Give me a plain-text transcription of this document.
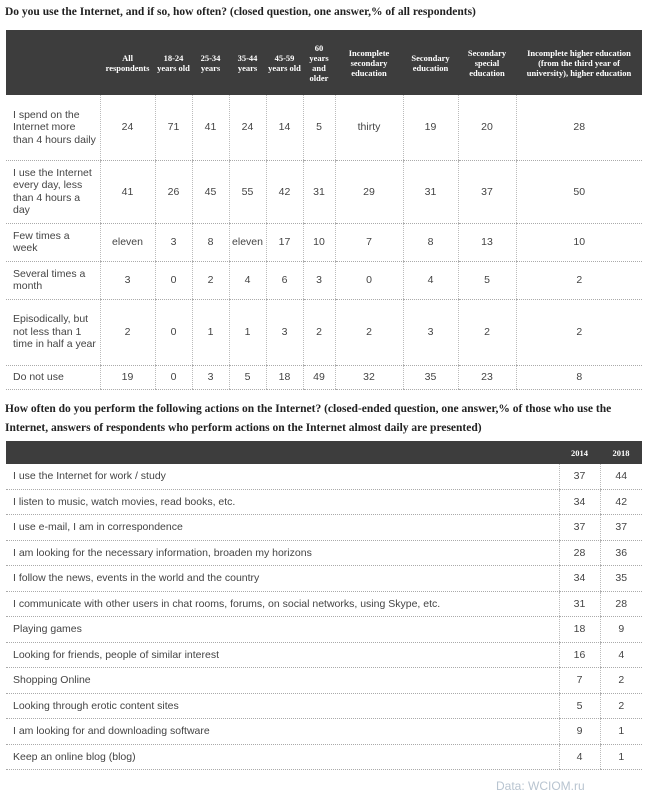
Do you use the Internet, and if so, how often? (closed question, one answer,% of all respondents)
	All respondents	18-24 years old	25-34 years	35-44 years	45-59 years old	60 years and older	Incomplete secondary education	Secondary education	Secondary special education	Incomplete higher education (from the third year of university), higher education
I spend on the Internet more than 4 hours daily	24	71	41	24	14	5	thirty	19	20	28
I use the Internet every day, less than 4 hours a day	41	26	45	55	42	31	29	31	37	50
Few times a week	eleven	3	8	eleven	17	10	7	8	13	10
Several times a month	3	0	2	4	6	3	0	4	5	2
Episodically, but not less than 1 time in half a year	2	0	1	1	3	2	2	3	2	2
Do not use	19	0	3	5	18	49	32	35	23	8
How often do you perform the following actions on the Internet? (closed-ended question, one answer,% of those who use the Internet, answers of respondents who perform actions on the Internet almost daily are presented)
	2014	2018
I use the Internet for work / study	37	44
I listen to music, watch movies, read books, etc.	34	42
I use e-mail, I am in correspondence	37	37
I am looking for the necessary information, broaden my horizons	28	36
I follow the news, events in the world and the country	34	35
I communicate with other users in chat rooms, forums, on social networks, using Skype, etc.	31	28
Playing games	18	9
Looking for friends, people of similar interest	16	4
Shopping Online	7	2
Looking through erotic content sites	5	2
I am looking for and downloading software	9	1
Keep an online blog (blog)	4	1
Data: WCIOM.ru
